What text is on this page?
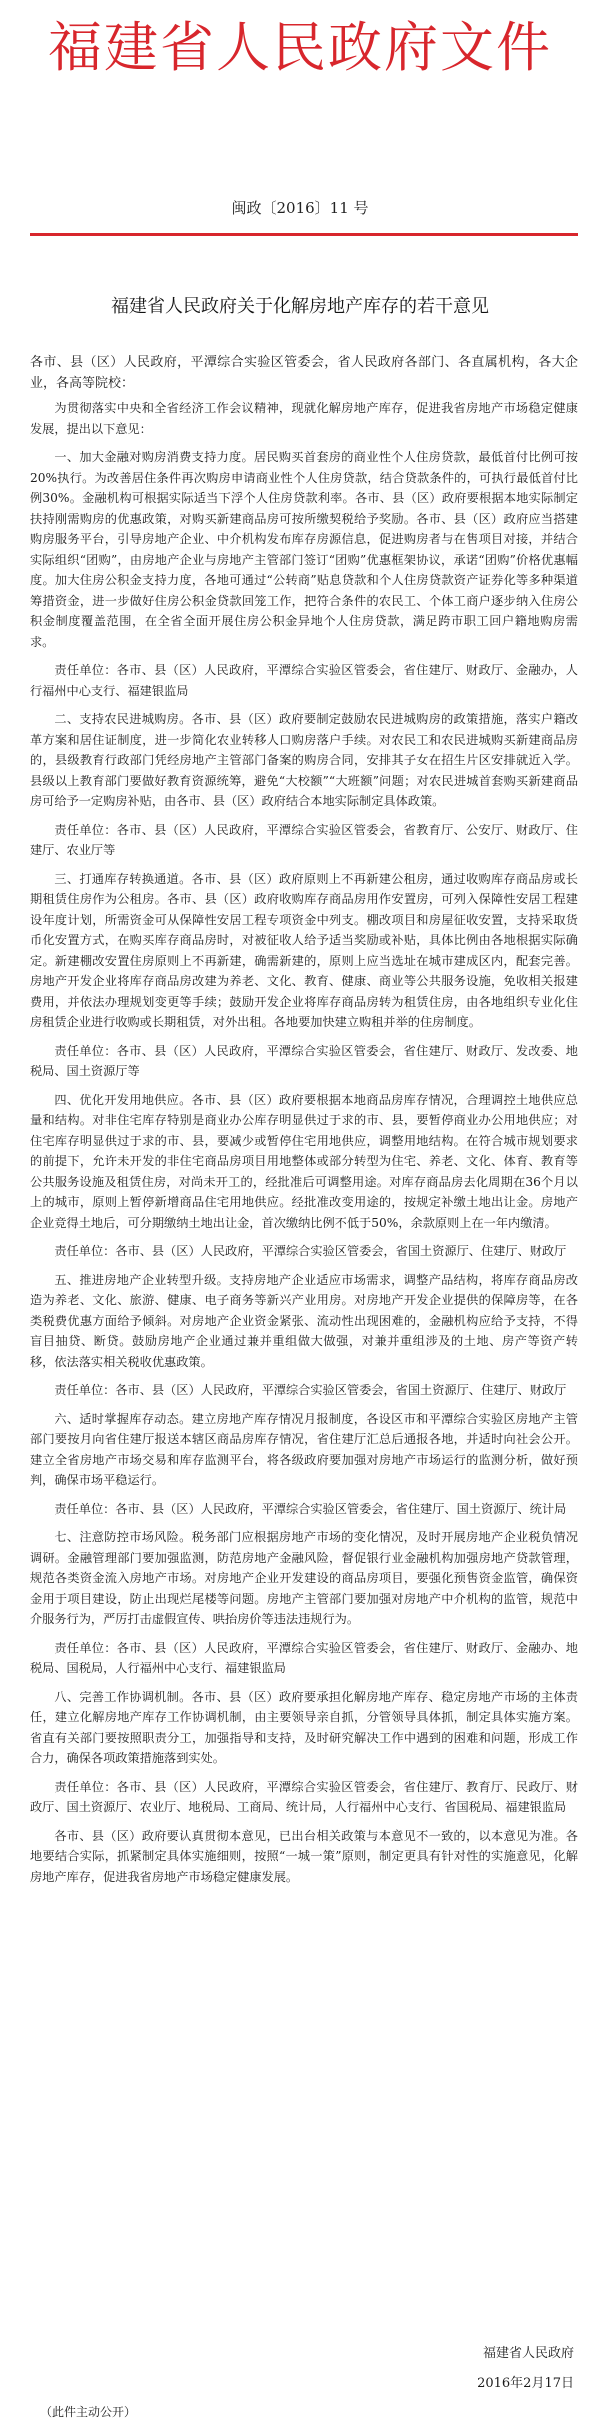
福建省人民政府文件
闽政〔2016〕11 号
福建省人民政府关于化解房地产库存的若干意见

各市、县（区）人民政府，平潭综合实验区管委会，省人民政府各部门、各直属机构，各大企业，各高等院校：

为贯彻落实中央和全省经济工作会议精神，现就化解房地产库存，促进我省房地产市场稳定健康发展，提出以下意见：

一、加大金融对购房消费支持力度。居民购买首套房的商业性个人住房贷款，最低首付比例可按20%执行。为改善居住条件再次购房申请商业性个人住房贷款，结合贷款条件的，可执行最低首付比例30%。金融机构可根据实际适当下浮个人住房贷款利率。各市、县（区）政府要根据本地实际制定扶持刚需购房的优惠政策，对购买新建商品房可按所缴契税给予奖励。各市、县（区）政府应当搭建购房服务平台，引导房地产企业、中介机构发布库存房源信息，促进购房者与在售项目对接，并结合实际组织“团购”，由房地产企业与房地产主管部门签订“团购”优惠框架协议，承诺“团购”价格优惠幅度。加大住房公积金支持力度，各地可通过“公转商”贴息贷款和个人住房贷款资产证券化等多种渠道筹措资金，进一步做好住房公积金贷款回笼工作，把符合条件的农民工、个体工商户逐步纳入住房公积金制度覆盖范围，在全省全面开展住房公积金异地个人住房贷款，满足跨市职工回户籍地购房需求。

责任单位：各市、县（区）人民政府，平潭综合实验区管委会，省住建厅、财政厅、金融办，人行福州中心支行、福建银监局

二、支持农民进城购房。各市、县（区）政府要制定鼓励农民进城购房的政策措施，落实户籍改革方案和居住证制度，进一步简化农业转移人口购房落户手续。对农民工和农民进城购买新建商品房的，县级教育行政部门凭经房地产主管部门备案的购房合同，安排其子女在招生片区安排就近入学。县级以上教育部门要做好教育资源统筹，避免“大校额”“大班额”问题；对农民进城首套购买新建商品房可给予一定购房补贴，由各市、县（区）政府结合本地实际制定具体政策。

责任单位：各市、县（区）人民政府，平潭综合实验区管委会，省教育厅、公安厅、财政厅、住建厅、农业厅等

三、打通库存转换通道。各市、县（区）政府原则上不再新建公租房，通过收购库存商品房或长期租赁住房作为公租房。各市、县（区）政府收购库存商品房用作安置房，可列入保障性安居工程建设年度计划，所需资金可从保障性安居工程专项资金中列支。棚改项目和房屋征收安置，支持采取货币化安置方式，在购买库存商品房时，对被征收人给予适当奖励或补贴，具体比例由各地根据实际确定。新建棚改安置住房原则上不再新建，确需新建的，原则上应当选址在城市建成区内，配套完善。房地产开发企业将库存商品房改建为养老、文化、教育、健康、商业等公共服务设施，免收相关报建费用，并依法办理规划变更等手续；鼓励开发企业将库存商品房转为租赁住房，由各地组织专业化住房租赁企业进行收购或长期租赁，对外出租。各地要加快建立购租并举的住房制度。

责任单位：各市、县（区）人民政府，平潭综合实验区管委会，省住建厅、财政厅、发改委、地税局、国土资源厅等

四、优化开发用地供应。各市、县（区）政府要根据本地商品房库存情况，合理调控土地供应总量和结构。对非住宅库存特别是商业办公库存明显供过于求的市、县，要暂停商业办公用地供应；对住宅库存明显供过于求的市、县，要减少或暂停住宅用地供应，调整用地结构。在符合城市规划要求的前提下，允许未开发的非住宅商品房项目用地整体或部分转型为住宅、养老、文化、体育、教育等公共服务设施及租赁住房，对尚未开工的，经批准后可调整用途。对库存商品房去化周期在36个月以上的城市，原则上暂停新增商品住宅用地供应。经批准改变用途的，按规定补缴土地出让金。房地产企业竞得土地后，可分期缴纳土地出让金，首次缴纳比例不低于50%，余款原则上在一年内缴清。

责任单位：各市、县（区）人民政府，平潭综合实验区管委会，省国土资源厅、住建厅、财政厅

五、推进房地产企业转型升级。支持房地产企业适应市场需求，调整产品结构，将库存商品房改造为养老、文化、旅游、健康、电子商务等新兴产业用房。对房地产开发企业提供的保障房等，在各类税费优惠方面给予倾斜。对房地产企业资金紧张、流动性出现困难的，金融机构应给予支持，不得盲目抽贷、断贷。鼓励房地产企业通过兼并重组做大做强，对兼并重组涉及的土地、房产等资产转移，依法落实相关税收优惠政策。

责任单位：各市、县（区）人民政府，平潭综合实验区管委会，省国土资源厅、住建厅、财政厅

六、适时掌握库存动态。建立房地产库存情况月报制度，各设区市和平潭综合实验区房地产主管部门要按月向省住建厅报送本辖区商品房库存情况，省住建厅汇总后通报各地，并适时向社会公开。建立全省房地产市场交易和库存监测平台，将各级政府要加强对房地产市场运行的监测分析，做好预判，确保市场平稳运行。

责任单位：各市、县（区）人民政府，平潭综合实验区管委会，省住建厅、国土资源厅、统计局

七、注意防控市场风险。税务部门应根据房地产市场的变化情况，及时开展房地产企业税负情况调研。金融管理部门要加强监测，防范房地产金融风险，督促银行业金融机构加强房地产贷款管理，规范各类资金流入房地产市场。对房地产企业开发建设的商品房项目，要强化预售资金监管，确保资金用于项目建设，防止出现烂尾楼等问题。房地产主管部门要加强对房地产中介机构的监管，规范中介服务行为，严厉打击虚假宣传、哄抬房价等违法违规行为。

责任单位：各市、县（区）人民政府，平潭综合实验区管委会，省住建厅、财政厅、金融办、地税局、国税局，人行福州中心支行、福建银监局

八、完善工作协调机制。各市、县（区）政府要承担化解房地产库存、稳定房地产市场的主体责任，建立化解房地产库存工作协调机制，由主要领导亲自抓，分管领导具体抓，制定具体实施方案。省直有关部门要按照职责分工，加强指导和支持，及时研究解决工作中遇到的困难和问题，形成工作合力，确保各项政策措施落到实处。

责任单位：各市、县（区）人民政府，平潭综合实验区管委会，省住建厅、教育厅、民政厅、财政厅、国土资源厅、农业厅、地税局、工商局、统计局，人行福州中心支行、省国税局、福建银监局

各市、县（区）政府要认真贯彻本意见，已出台相关政策与本意见不一致的，以本意见为准。各地要结合实际，抓紧制定具体实施细则，按照“一城一策”原则，制定更具有针对性的实施意见，化解房地产库存，促进我省房地产市场稳定健康发展。

福建省人民政府
2016年2月17日
（此件主动公开）
